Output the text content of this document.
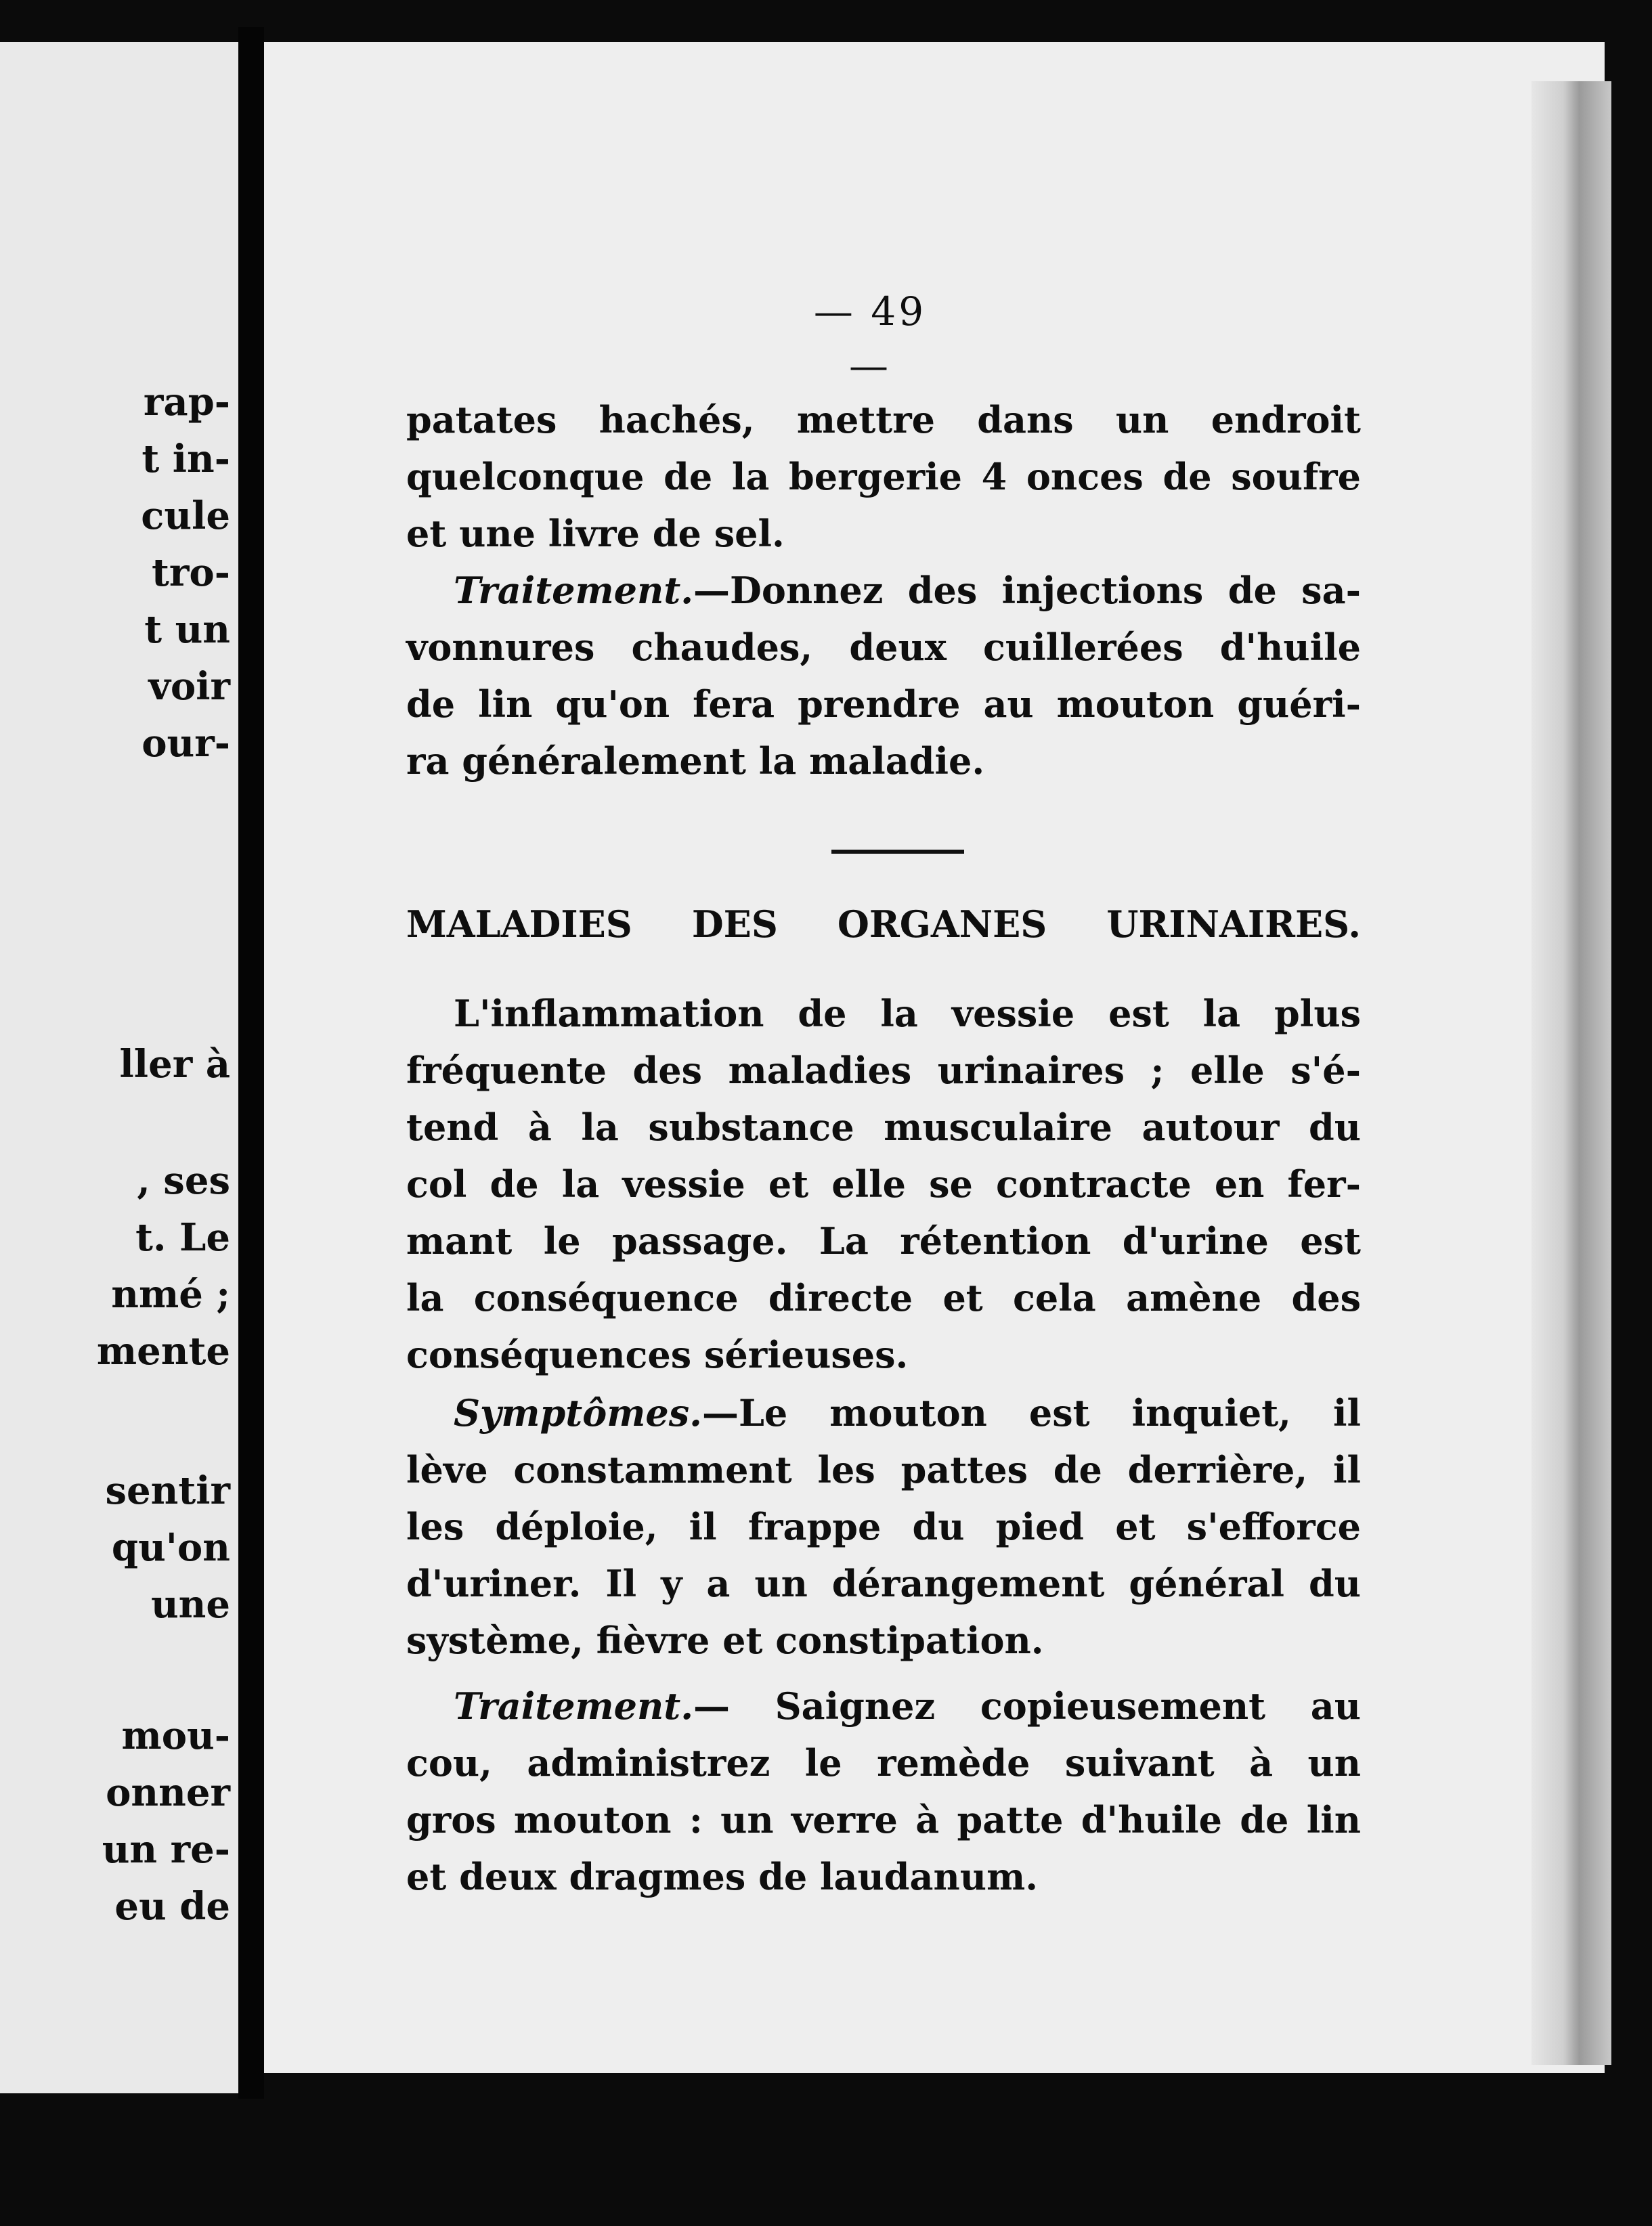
rap-
t in-
cule
tro-
t un
voir
our-
ller à
, ses
t. Le
nmé ;
mente
sentir
qu'on
une
mou-
onner
un re-
eu de
— 49 —

patates hachés, mettre dans un endroit

quelconque de la bergerie 4 onces de soufre

et une livre de sel.

Traitement.—Donnez des injections de sa-

vonnures chaudes, deux cuillerées d'huile

de lin qu'on fera prendre au mouton guéri-

ra généralement la maladie.

MALADIES DES ORGANES URINAIRES.

L'inflammation de la vessie est la plus

fréquente des maladies urinaires ; elle s'é-

tend à la substance musculaire autour du

col de la vessie et elle se contracte en fer-

mant le passage. La rétention d'urine est

la conséquence directe et cela amène des

conséquences sérieuses.

Symptômes.—Le mouton est inquiet, il

lève constamment les pattes de derrière, il

les déploie, il frappe du pied et s'efforce

d'uriner. Il y a un dérangement général du

système, fièvre et constipation.

Traitement.— Saignez copieusement au

cou, administrez le remède suivant à un

gros mouton : un verre à patte d'huile de lin

et deux dragmes de laudanum.
